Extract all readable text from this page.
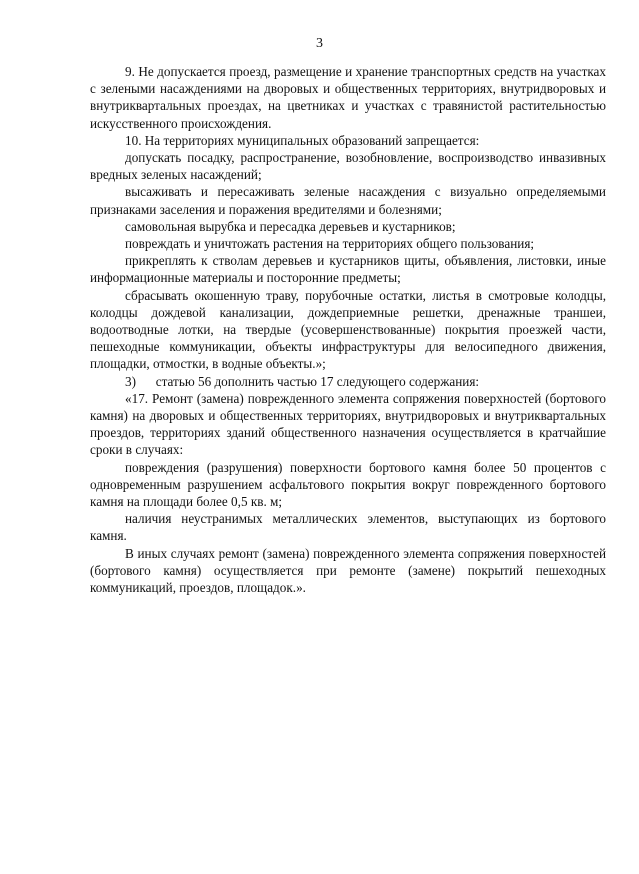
3

9. Не допускается проезд, размещение и хранение транспортных средств на участках с зелеными насаждениями на дворовых и общественных территориях, внутридворовых и внутриквартальных проездах, на цветниках и участках с травянистой растительностью искусственного происхождения.

10. На территориях муниципальных образований запрещается:

допускать посадку, распространение, возобновление, воспроизводство инвазивных вредных зеленых насаждений;

высаживать и пересаживать зеленые насаждения с визуально определяемыми признаками заселения и поражения вредителями и болезнями;

самовольная вырубка и пересадка деревьев и кустарников;

повреждать и уничтожать растения на территориях общего пользования;

прикреплять к стволам деревьев и кустарников щиты, объявления, листовки, иные информационные материалы и посторонние предметы;

сбрасывать окошенную траву, порубочные остатки, листья в смотровые колодцы, колодцы дождевой канализации, дождеприемные решетки, дренажные траншеи, водоотводные лотки, на твердые (усовершенствованные) покрытия проезжей части, пешеходные коммуникации, объекты инфраструктуры для велосипедного движения, площадки, отмостки, в водные объекты.»;

3)      статью 56 дополнить частью 17 следующего содержания:

«17. Ремонт (замена) поврежденного элемента сопряжения поверхностей (бортового камня) на дворовых и общественных территориях, внутридворовых и внутриквартальных проездов, территориях зданий общественного назначения осуществляется в кратчайшие сроки в случаях:

повреждения (разрушения) поверхности бортового камня более 50 процентов с одновременным разрушением асфальтового покрытия вокруг поврежденного бортового камня на площади более 0,5 кв. м;

наличия неустранимых металлических элементов, выступающих из бортового камня.

В иных случаях ремонт (замена) поврежденного элемента сопряжения поверхностей (бортового камня) осуществляется при ремонте (замене) покрытий пешеходных коммуникаций, проездов, площадок.».
